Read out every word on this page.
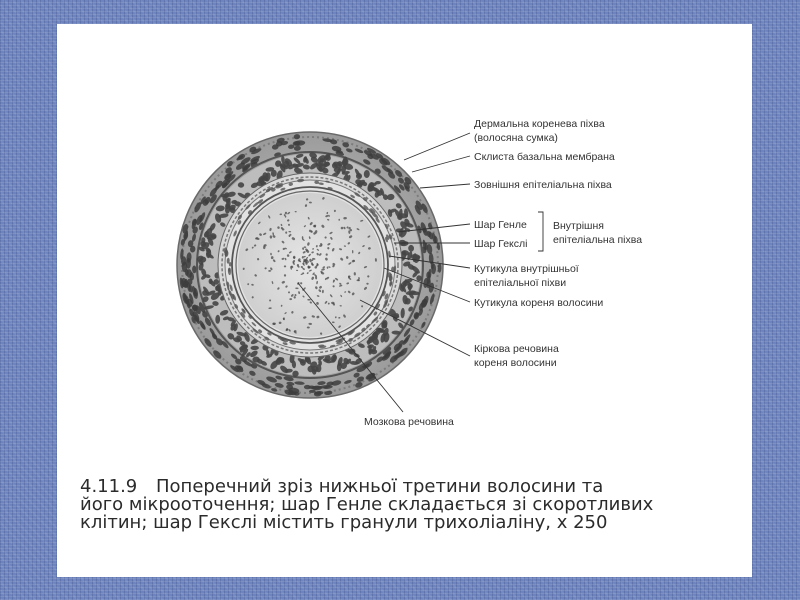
Дермальна коренева піхва
(волосяна сумка)
Склиста базальна мембрана
Зовнішня епітеліальна піхва
Шар Генле
Шар Гекслі
Внутрішня
епітеліальна піхва
Кутикула внутрішньої
епітеліальної піхви
Кутикула кореня волосини
Кіркова речовина
кореня волосини
Мозкова речовина
4.11.9 Поперечний зріз нижньої третини волосини та
його мікрооточення; шар Генле складається зі скоротливих
клітин; шар Гекслі містить гранули трихоліаліну, х 250
